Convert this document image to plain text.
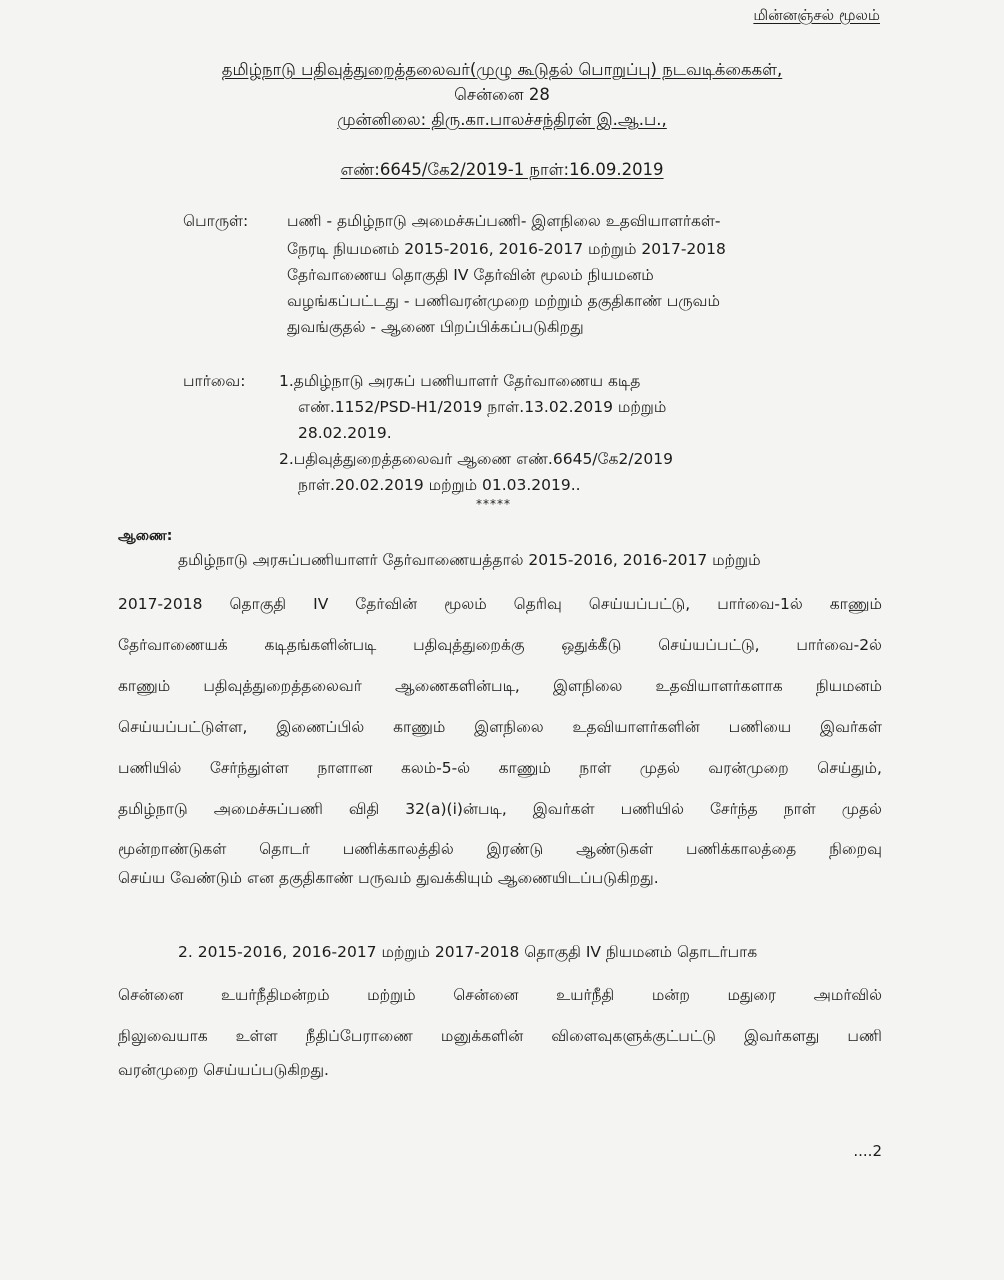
மின்னஞ்சல் மூலம்
தமிழ்நாடு பதிவுத்துறைத்தலைவர்(முழு கூடுதல் பொறுப்பு) நடவடிக்கைகள்,
சென்னை 28
முன்னிலை: திரு.கா.பாலச்சந்திரன் இ.ஆ.ப.,
எண்:6645/கே2/2019-1 நாள்:16.09.2019
பொருள்: பணி - தமிழ்நாடு அமைச்சுப்பணி- இளநிலை உதவியாளர்கள்-
நேரடி நியமனம் 2015-2016, 2016-2017 மற்றும் 2017-2018
தேர்வாணைய தொகுதி IV தேர்வின் மூலம் நியமனம்
வழங்கப்பட்டது - பணிவரன்முறை மற்றும் தகுதிகாண் பருவம்
துவங்குதல் - ஆணை பிறப்பிக்கப்படுகிறது
பார்வை: 1.தமிழ்நாடு அரசுப் பணியாளர் தேர்வாணைய கடித
எண்.1152/PSD-H1/2019 நாள்.13.02.2019 மற்றும்
28.02.2019.
2.பதிவுத்துறைத்தலைவர் ஆணை எண்.6645/கே2/2019
நாள்.20.02.2019 மற்றும் 01.03.2019..
*****
ஆணை:
தமிழ்நாடு அரசுப்பணியாளர் தேர்வாணையத்தால் 2015-2016, 2016-2017 மற்றும்
2017-2018 தொகுதி IV தேர்வின் மூலம் தெரிவு செய்யப்பட்டு, பார்வை-1ல் காணும்
தேர்வாணையக் கடிதங்களின்படி பதிவுத்துறைக்கு ஒதுக்கீடு செய்யப்பட்டு, பார்வை-2ல்
காணும் பதிவுத்துறைத்தலைவர் ஆணைகளின்படி, இளநிலை உதவியாளர்களாக நியமனம்
செய்யப்பட்டுள்ள, இணைப்பில் காணும் இளநிலை உதவியாளர்களின் பணியை இவர்கள்
பணியில் சேர்ந்துள்ள நாளான கலம்-5-ல் காணும் நாள் முதல் வரன்முறை செய்தும்,
தமிழ்நாடு அமைச்சுப்பணி விதி 32(a)(i)ன்படி, இவர்கள் பணியில் சேர்ந்த நாள் முதல்
மூன்றாண்டுகள் தொடர் பணிக்காலத்தில் இரண்டு ஆண்டுகள் பணிக்காலத்தை நிறைவு
செய்ய வேண்டும் என தகுதிகாண் பருவம் துவக்கியும் ஆணையிடப்படுகிறது.
2. 2015-2016, 2016-2017 மற்றும் 2017-2018 தொகுதி IV நியமனம் தொடர்பாக
சென்னை உயர்நீதிமன்றம் மற்றும் சென்னை உயர்நீதி மன்ற மதுரை அமர்வில்
நிலுவையாக உள்ள நீதிப்பேராணை மனுக்களின் விளைவுகளுக்குட்பட்டு இவர்களது பணி
வரன்முறை செய்யப்படுகிறது.
....2
